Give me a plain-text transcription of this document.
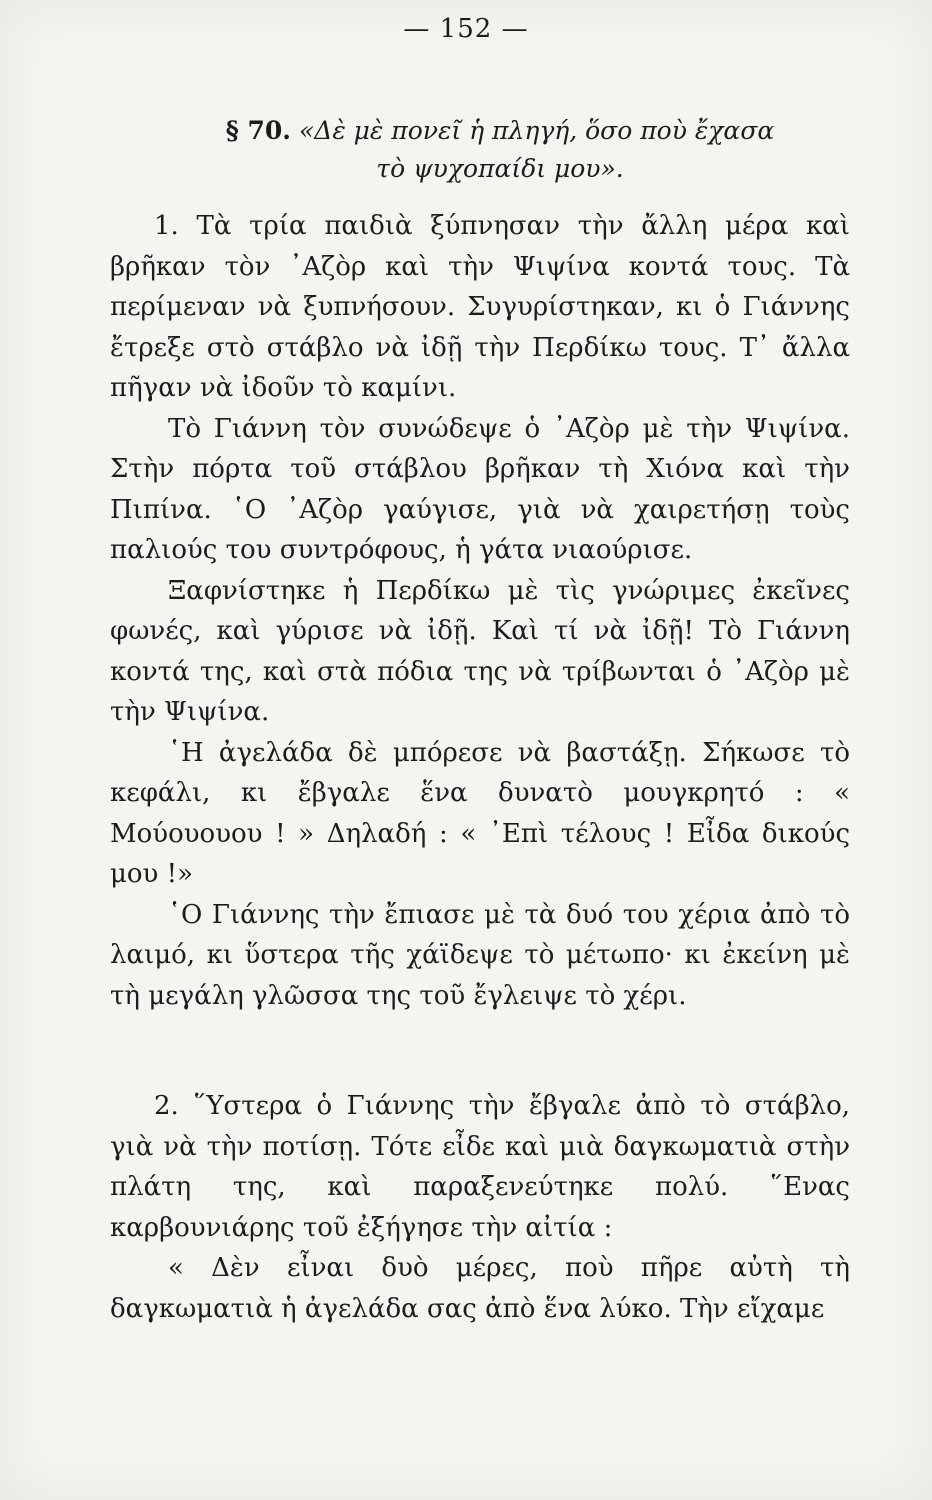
— 152 —
§ 70. «Δὲ μὲ πονεῖ ἡ πληγή, ὅσο ποὺ ἔχασα
τὸ ψυχοπαίδι μου».

1. Τὰ τρία παιδιὰ ξύπνησαν τὴν ἄλλη μέρα καὶ βρῆκαν τὸν ᾿Αζὸρ καὶ τὴν Ψιψίνα κοντά τους. Τὰ περίμεναν νὰ ξυπνήσουν. Συγυρίστηκαν, κι ὁ Γιάννης ἔτρεξε στὸ στάβλο νὰ ἰδῇ τὴν Περδίκω τους. Τ᾿ ἄλλα πῆγαν νὰ ἰδοῦν τὸ καμίνι.

Τὸ Γιάννη τὸν συνώδεψε ὁ ᾿Αζὸρ μὲ τὴν Ψιψίνα. Στὴν πόρτα τοῦ στάβλου βρῆκαν τὴ Χιόνα καὶ τὴν Πιπίνα. ῾Ο ᾿Αζὸρ γαύγισε, γιὰ νὰ χαιρετήσῃ τοὺς παλιούς του συντρόφους, ἡ γάτα νιαούρισε.

Ξαφνίστηκε ἡ Περδίκω μὲ τὶς γνώριμες ἐκεῖνες φωνές, καὶ γύρισε νὰ ἰδῇ. Καὶ τί νὰ ἰδῇ! Τὸ Γιάννη κοντά της, καὶ στὰ πόδια της νὰ τρίβωνται ὁ ᾿Αζὸρ μὲ τὴν Ψιψίνα.

῾Η ἀγελάδα δὲ μπόρεσε νὰ βαστάξῃ. Σήκωσε τὸ κεφάλι, κι ἔβγαλε ἕνα δυνατὸ μουγκρητό : « Μούουουου ! » Δηλαδή : « ᾿Επὶ τέλους ! Εἶδα δικούς μου !»

῾Ο Γιάννης τὴν ἔπιασε μὲ τὰ δυό του χέρια ἀπὸ τὸ λαιμό, κι ὕστερα τῆς χάϊδεψε τὸ μέτωπο· κι ἐκείνη μὲ τὴ μεγάλη γλῶσσα της τοῦ ἔγλειψε τὸ χέρι.

2. ῞Υστερα ὁ Γιάννης τὴν ἔβγαλε ἀπὸ τὸ στάβλο, γιὰ νὰ τὴν ποτίσῃ. Τότε εἶδε καὶ μιὰ δαγκωματιὰ στὴν πλάτη της, καὶ παραξενεύτηκε πολύ. ῞Ενας καρβουνιάρης τοῦ ἐξήγησε τὴν αἰτία :

« Δὲν εἶναι δυὸ μέρες, ποὺ πῆρε αὐτὴ τὴ δαγκωματιὰ ἡ ἀγελάδα σας ἀπὸ ἕνα λύκο. Τὴν εἴχαμε
